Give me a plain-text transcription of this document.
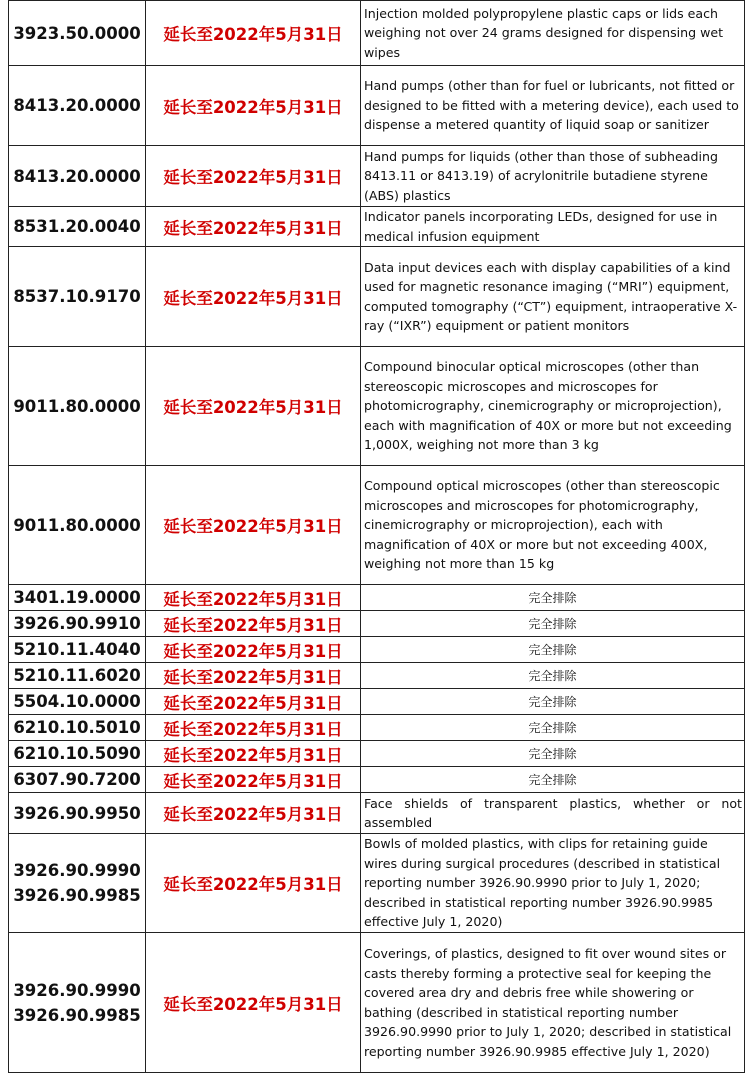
3923.50.0000	延长至2022年5月31日	Injection molded polypropylene plastic caps or lids each weighing not over 24 grams designed for dispensing wet wipes

8413.20.0000	延长至2022年5月31日	Hand pumps (other than for fuel or lubricants, not fitted or designed to be fitted with a metering device), each used to dispense a metered quantity of liquid soap or sanitizer

8413.20.0000	延长至2022年5月31日	Hand pumps for liquids (other than those of subheading 8413.11 or 8413.19) of acrylonitrile butadiene styrene (ABS) plastics

8531.20.0040	延长至2022年5月31日	Indicator panels incorporating LEDs, designed for use in medical infusion equipment

8537.10.9170	延长至2022年5月31日	Data input devices each with display capabilities of a kind used for magnetic resonance imaging (“MRI”) equipment, computed tomography (“CT”) equipment, intraoperative X-ray (“IXR”) equipment or patient monitors

9011.80.0000	延长至2022年5月31日	Compound binocular optical microscopes (other than stereoscopic microscopes and microscopes for photomicrography, cinemicrography or microprojection), each with magnification of 40X or more but not exceeding 1,000X, weighing not more than 3 kg

9011.80.0000	延长至2022年5月31日	Compound optical microscopes (other than stereoscopic microscopes and microscopes for photomicrography, cinemicrography or microprojection), each with magnification of 40X or more but not exceeding 400X, weighing not more than 15 kg

3401.19.0000	延长至2022年5月31日	完全排除

3926.90.9910	延长至2022年5月31日	完全排除

5210.11.4040	延长至2022年5月31日	完全排除

5210.11.6020	延长至2022年5月31日	完全排除

5504.10.0000	延长至2022年5月31日	完全排除

6210.10.5010	延长至2022年5月31日	完全排除

6210.10.5090	延长至2022年5月31日	完全排除

6307.90.7200	延长至2022年5月31日	完全排除

3926.90.9950	延长至2022年5月31日	Face shields of transparent plastics, whether or not assembled

3926.90.9990
3926.90.9985	延长至2022年5月31日	Bowls of molded plastics, with clips for retaining guide wires during surgical procedures (described in statistical reporting number 3926.90.9990 prior to July 1, 2020; described in statistical reporting number 3926.90.9985 effective July 1, 2020)

3926.90.9990
3926.90.9985	延长至2022年5月31日	Coverings, of plastics, designed to fit over wound sites or casts thereby forming a protective seal for keeping the covered area dry and debris free while showering or bathing (described in statistical reporting number 3926.90.9990 prior to July 1, 2020; described in statistical reporting number 3926.90.9985 effective July 1, 2020)
